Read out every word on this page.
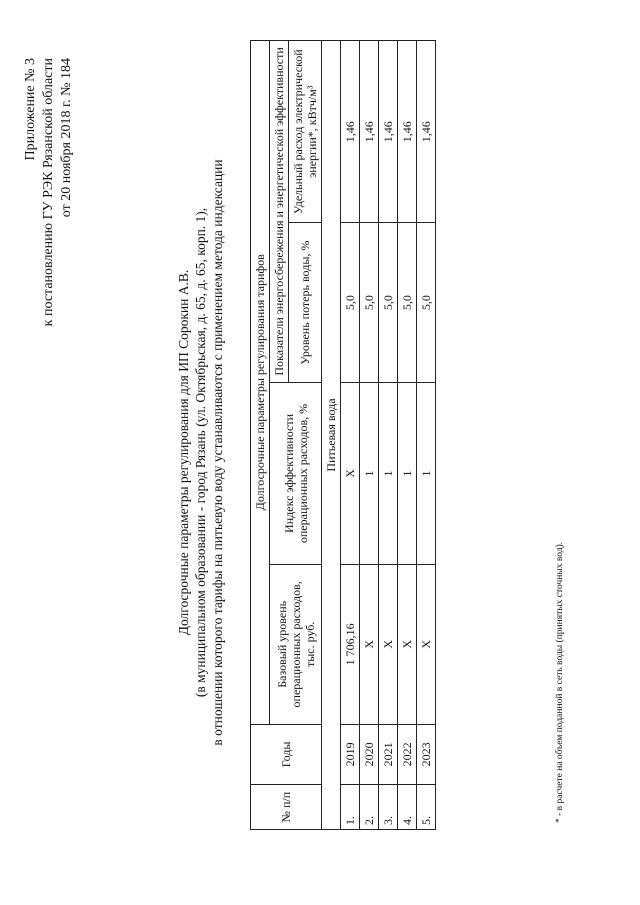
Приложение № 3 к постановлению ГУ РЭК Рязанской области от 20 ноября 2018 г. № 184
Долгосрочные параметры регулирования для ИП Сорокин А.В. (в муниципальном образовании - город Рязань (ул. Октябрьская, д. 65, д. 65, корп. 1), в отношении которого тарифы на питьевую воду устанавливаются с применением метода индексации
№ п/п	Годы	Долгосрочные параметры регулирования тарифов			
		Базовый уровень операционных расходов, тыс. руб.	Индекс эффективности операционных расходов, %	Показатели энергосбережения и энергетической эффективности	
				Уровень потерь воды, %	Удельный расход электрической энергии*, кВтч/м³
Питьевая вода					
1.	2019	1 706,16	X	5,0	1,46
2.	2020	X	1	5,0	1,46
3.	2021	X	1	5,0	1,46
4.	2022	X	1	5,0	1,46
5.	2023	X	1	5,0	1,46
* - в расчете на объем поданной в сеть воды (принятых сточных вод).
